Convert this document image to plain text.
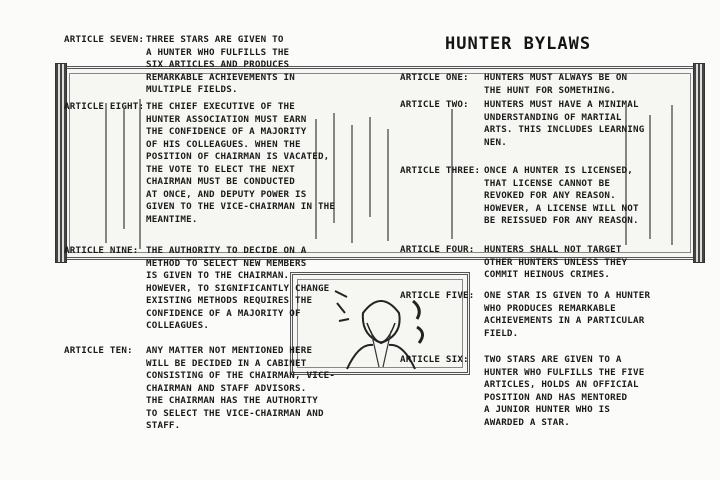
HUNTER BYLAWS
ARTICLE ONE: HUNTERS MUST ALWAYS BE ON
THE HUNT FOR SOMETHING.
ARTICLE TWO: HUNTERS MUST HAVE A MINIMAL
UNDERSTANDING OF MARTIAL
ARTS. THIS INCLUDES LEARNING
NEN.
ARTICLE THREE: ONCE A HUNTER IS LICENSED,
THAT LICENSE CANNOT BE
REVOKED FOR ANY REASON.
HOWEVER, A LICENSE WILL NOT
BE REISSUED FOR ANY REASON.
ARTICLE FOUR: HUNTERS SHALL NOT TARGET
OTHER HUNTERS UNLESS THEY
COMMIT HEINOUS CRIMES.
ARTICLE FIVE: ONE STAR IS GIVEN TO A HUNTER
WHO PRODUCES REMARKABLE
ACHIEVEMENTS IN A PARTICULAR
FIELD.
ARTICLE SIX: TWO STARS ARE GIVEN TO A
HUNTER WHO FULFILLS THE FIVE
ARTICLES, HOLDS AN OFFICIAL
POSITION AND HAS MENTORED
A JUNIOR HUNTER WHO IS
AWARDED A STAR.
ARTICLE SEVEN: THREE STARS ARE GIVEN TO
A HUNTER WHO FULFILLS THE
SIX ARTICLES AND PRODUCES
REMARKABLE ACHIEVEMENTS IN
MULTIPLE FIELDS.
ARTICLE EIGHT: THE CHIEF EXECUTIVE OF THE
HUNTER ASSOCIATION MUST EARN
THE CONFIDENCE OF A MAJORITY
OF HIS COLLEAGUES. WHEN THE
POSITION OF CHAIRMAN IS VACATED,
THE VOTE TO ELECT THE NEXT
CHAIRMAN MUST BE CONDUCTED
AT ONCE, AND DEPUTY POWER IS
GIVEN TO THE VICE-CHAIRMAN IN THE
MEANTIME.
ARTICLE NINE: THE AUTHORITY TO DECIDE ON A
METHOD TO SELECT NEW MEMBERS
IS GIVEN TO THE CHAIRMAN.
HOWEVER, TO SIGNIFICANTLY CHANGE
EXISTING METHODS REQUIRES THE
CONFIDENCE OF A MAJORITY OF
COLLEAGUES.
ARTICLE TEN: ANY MATTER NOT MENTIONED HERE
WILL BE DECIDED IN A CABINET
CONSISTING OF THE CHAIRMAN, VICE-
CHAIRMAN AND STAFF ADVISORS.
THE CHAIRMAN HAS THE AUTHORITY
TO SELECT THE VICE-CHAIRMAN AND
STAFF.
